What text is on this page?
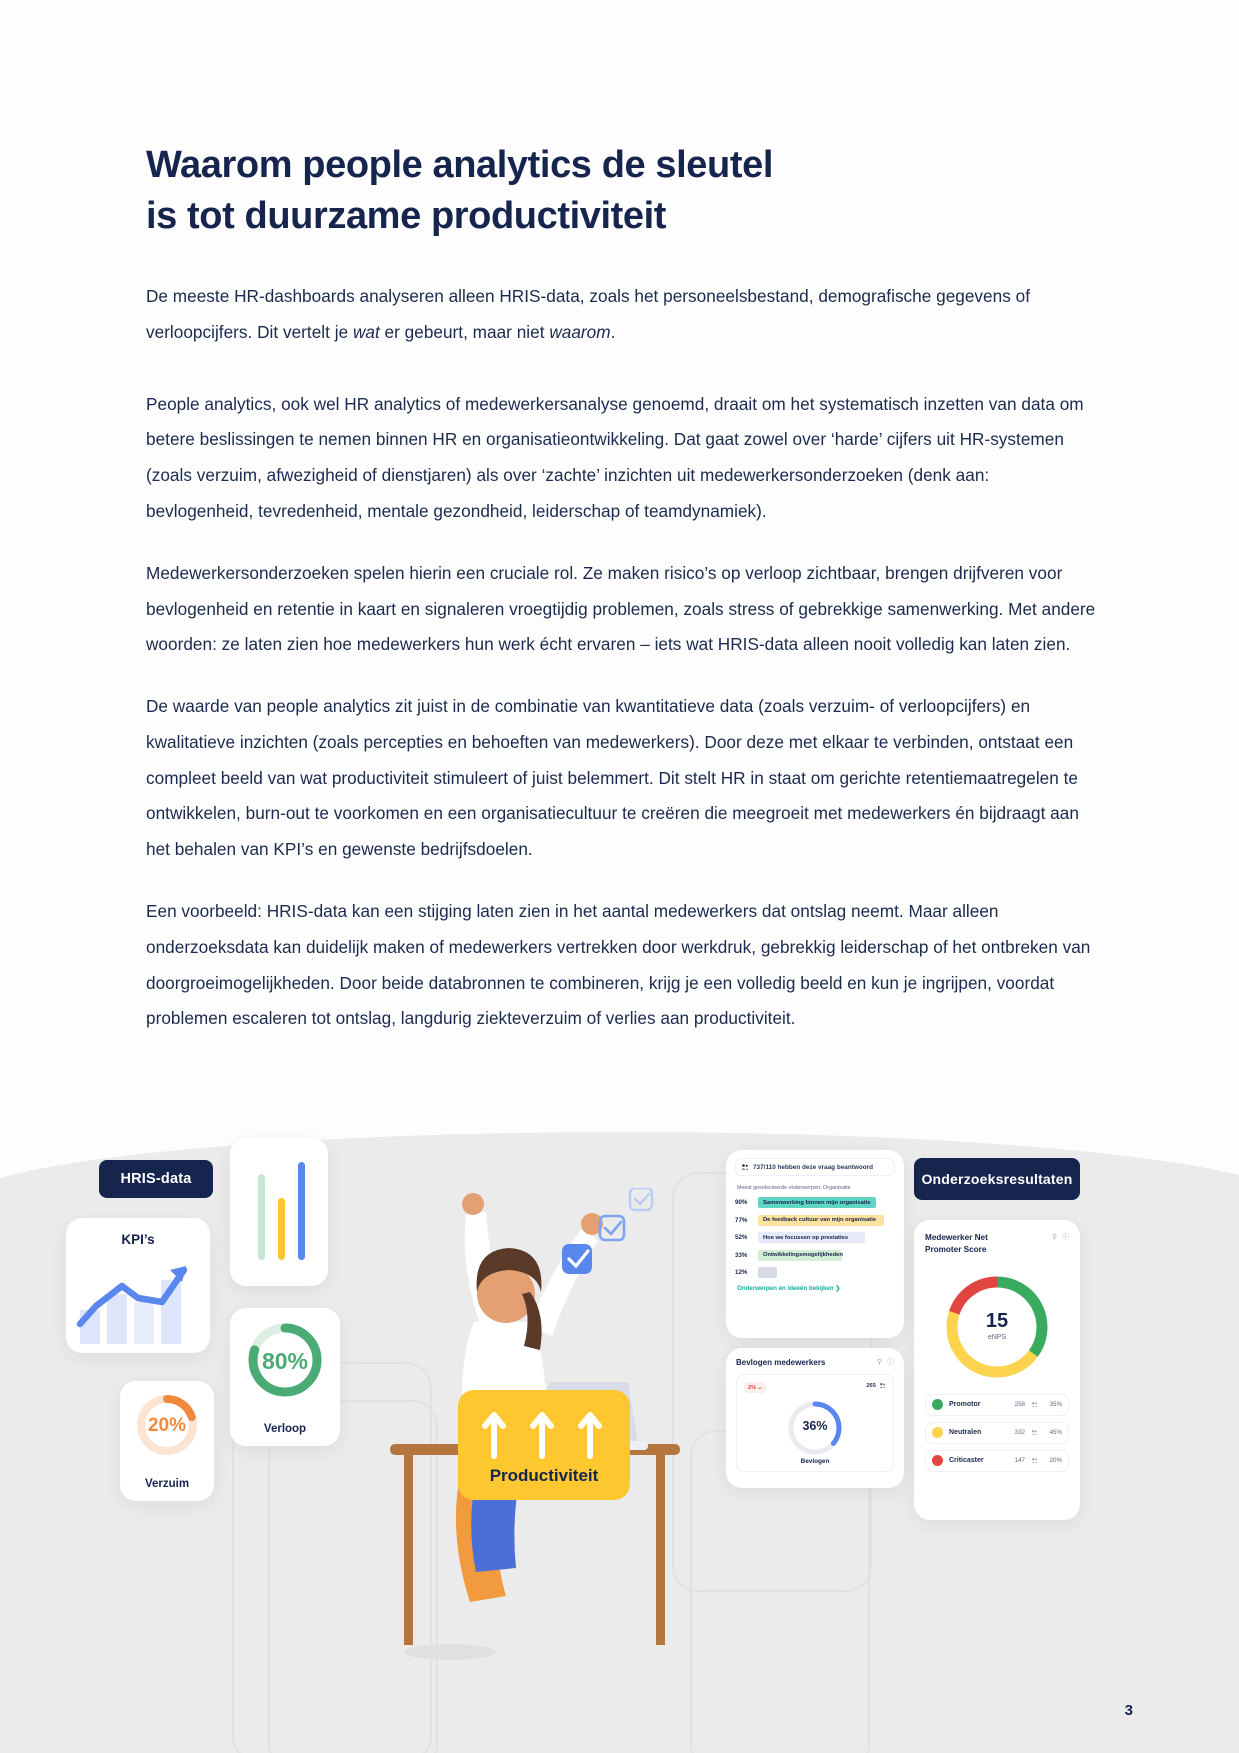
Waarom people analytics de sleutel
is tot duurzame productiviteit

De meeste HR-dashboards analyseren alleen HRIS-data, zoals het personeelsbestand, demografische gegevens of verloopcijfers. Dit vertelt je wat er gebeurt, maar niet waarom.

People analytics, ook wel HR analytics of medewerkersanalyse genoemd, draait om het systematisch inzetten van data om betere beslissingen te nemen binnen HR en organisatieontwikkeling. Dat gaat zowel over ‘harde’ cijfers uit HR-systemen (zoals verzuim, afwezigheid of dienstjaren) als over ‘zachte’ inzichten uit medewerkersonderzoeken (denk aan: bevlogenheid, tevredenheid, mentale gezondheid, leiderschap of teamdynamiek).

Medewerkersonderzoeken spelen hierin een cruciale rol. Ze maken risico’s op verloop zichtbaar, brengen drijfveren voor bevlogenheid en retentie in kaart en signaleren vroegtijdig problemen, zoals stress of gebrekkige samenwerking. Met andere woorden: ze laten zien hoe medewerkers hun werk écht ervaren – iets wat HRIS-data alleen nooit volledig kan laten zien.

De waarde van people analytics zit juist in de combinatie van kwantitatieve data (zoals verzuim- of verloopcijfers) en kwalitatieve inzichten (zoals percepties en behoeften van medewerkers). Door deze met elkaar te verbinden, ontstaat een compleet beeld van wat productiviteit stimuleert of juist belemmert. Dit stelt HR in staat om gerichte retentiemaatregelen te ontwikkelen, burn-out te voorkomen en een organisatiecultuur te creëren die meegroeit met medewerkers én bijdraagt aan het behalen van KPI’s en gewenste bedrijfsdoelen.

Een voorbeeld: HRIS-data kan een stijging laten zien in het aantal medewerkers dat ontslag neemt. Maar alleen onderzoeksdata kan duidelijk maken of medewerkers vertrekken door werkdruk, gebrekkig leiderschap of het ontbreken van doorgroeimogelijkheden. Door beide databronnen te combineren, krijg je een volledig beeld en kun je ingrijpen, voordat problemen escaleren tot ontslag, langdurig ziekteverzuim of verlies aan productiviteit.

HRIS-data	Onderzoeksresultaten
KPI’s
80%
Verloop
20%
Verzuim	Productiviteit
737/110 hebben deze vraag beantwoord
Meest geselecteerde onderwerpen: Organisatie
90%	Samenwerking binnen mijn organisatie
77%	De feedback cultuur van mijn organisatie
52%	Hoe we focussen op prestaties
33%	Ontwikkelingsmogelijkheden
12%
Onderwerpen en ideeën bekijken ❯
Bevlogen medewerkers	⚲ ⓘ
2% ⌄	265
36%
Bevlogen
Medewerker Net
Promoter Score
⚲ ⓘ
15
eNPS
Promotor	258	35%
Neutralen	332	45%
Criticaster	147	20%
3
